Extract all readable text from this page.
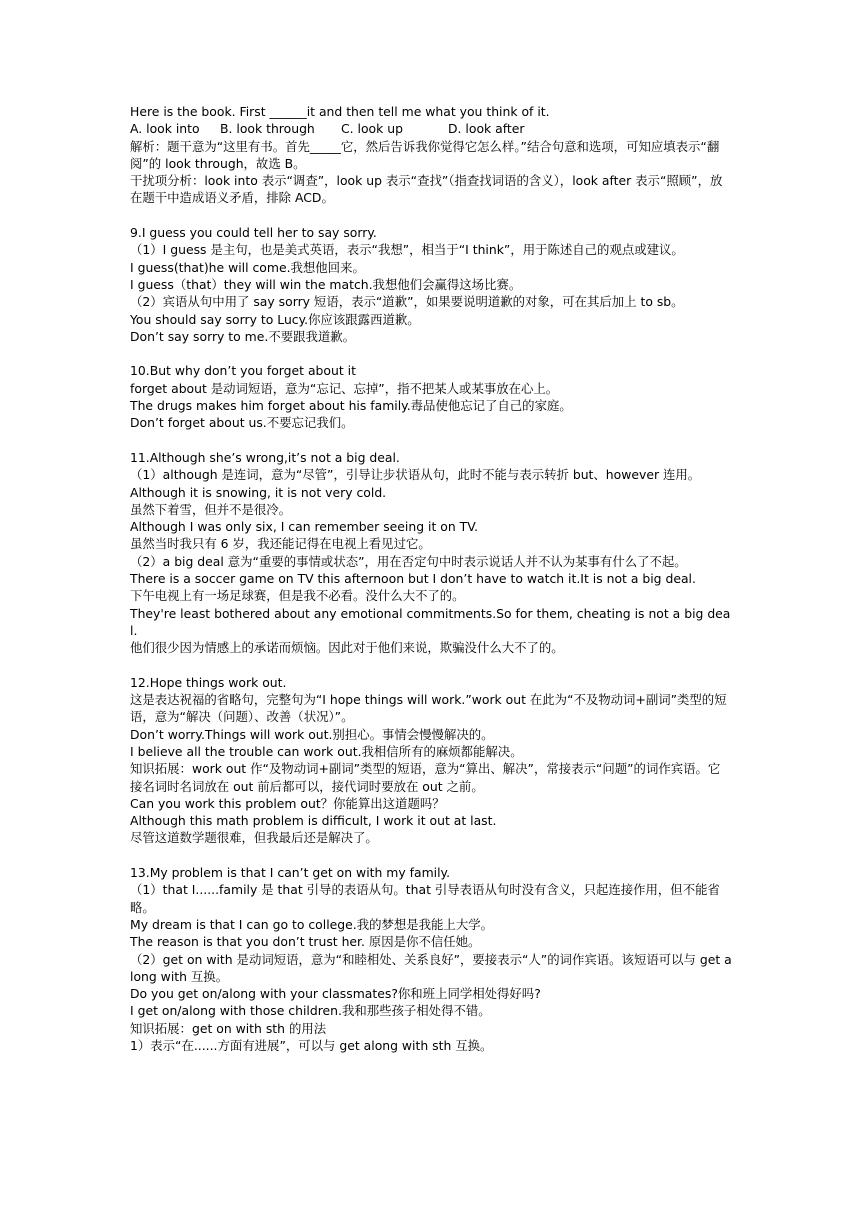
Here is the book. First ______it and then tell me what you think of it.
A. look into B. look through C. look up	D. look after
解析：题干意为“这里有书。首先_____它，然后告诉我你觉得它怎么样。”结合句意和选项，可知应填表示“翻阅”的 look through，故选 B。
干扰项分析：look into 表示“调查”，look up 表示“查找”（指查找词语的含义），look after 表示“照顾”，放在题干中造成语义矛盾，排除 ACD。
9.I guess you could tell her to say sorry.
（1）I guess 是主句，也是美式英语，表示“我想”，相当于“I think”，用于陈述自己的观点或建议。
I guess(that)he will come.我想他回来。
I guess（that）they will win the match.我想他们会赢得这场比赛。
（2）宾语从句中用了 say sorry 短语，表示“道歉”，如果要说明道歉的对象，可在其后加上 to sb。
You should say sorry to Lucy.你应该跟露西道歉。
Don’t say sorry to me.不要跟我道歉。
10.But why don’t you forget about it
forget about 是动词短语，意为“忘记、忘掉”，指不把某人或某事放在心上。
The drugs makes him forget about his family.毒品使他忘记了自己的家庭。
Don’t forget about us.不要忘记我们。
11.Although she’s wrong,it’s not a big deal.
（1）although 是连词，意为“尽管”，引导让步状语从句，此时不能与表示转折 but、however 连用。
Although it is snowing, it is not very cold.
虽然下着雪，但并不是很冷。
Although I was only six, I can remember seeing it on TV.
虽然当时我只有 6 岁，我还能记得在电视上看见过它。
（2）a big deal 意为“重要的事情或状态”，用在否定句中时表示说话人并不认为某事有什么了不起。
There is a soccer game on TV this afternoon but I don’t have to watch it.It is not a big deal.
下午电视上有一场足球赛，但是我不必看。没什么大不了的。
They're least bothered about any emotional commitments.So for them, cheating is not a big deal.
他们很少因为情感上的承诺而烦恼。因此对于他们来说，欺骗没什么大不了的。
12.Hope things work out.
这是表达祝福的省略句，完整句为“I hope things will work.”work out 在此为“不及物动词+副词”类型的短语，意为“解决（问题）、改善（状况）”。
Don’t worry.Things will work out.别担心。事情会慢慢解决的。
I believe all the trouble can work out.我相信所有的麻烦都能解决。
知识拓展：work out 作“及物动词+副词”类型的短语，意为“算出、解决”，常接表示“问题”的词作宾语。它接名词时名词放在 out 前后都可以，接代词时要放在 out 之前。
Can you work this problem out？你能算出这道题吗？
Although this math problem is difficult, I work it out at last.
尽管这道数学题很难，但我最后还是解决了。
13.My problem is that I can’t get on with my family.
（1）that I......family 是 that 引导的表语从句。that 引导表语从句时没有含义，只起连接作用，但不能省略。
My dream is that I can go to college.我的梦想是我能上大学。
The reason is that you don’t trust her. 原因是你不信任她。
（2）get on with 是动词短语，意为“和睦相处、关系良好”，要接表示“人”的词作宾语。该短语可以与 get along with 互换。
Do you get on/along with your classmates?你和班上同学相处得好吗?
I get on/along with those children.我和那些孩子相处得不错。
知识拓展：get on with sth 的用法
1）表示“在......方面有进展”，可以与 get along with sth 互换。
